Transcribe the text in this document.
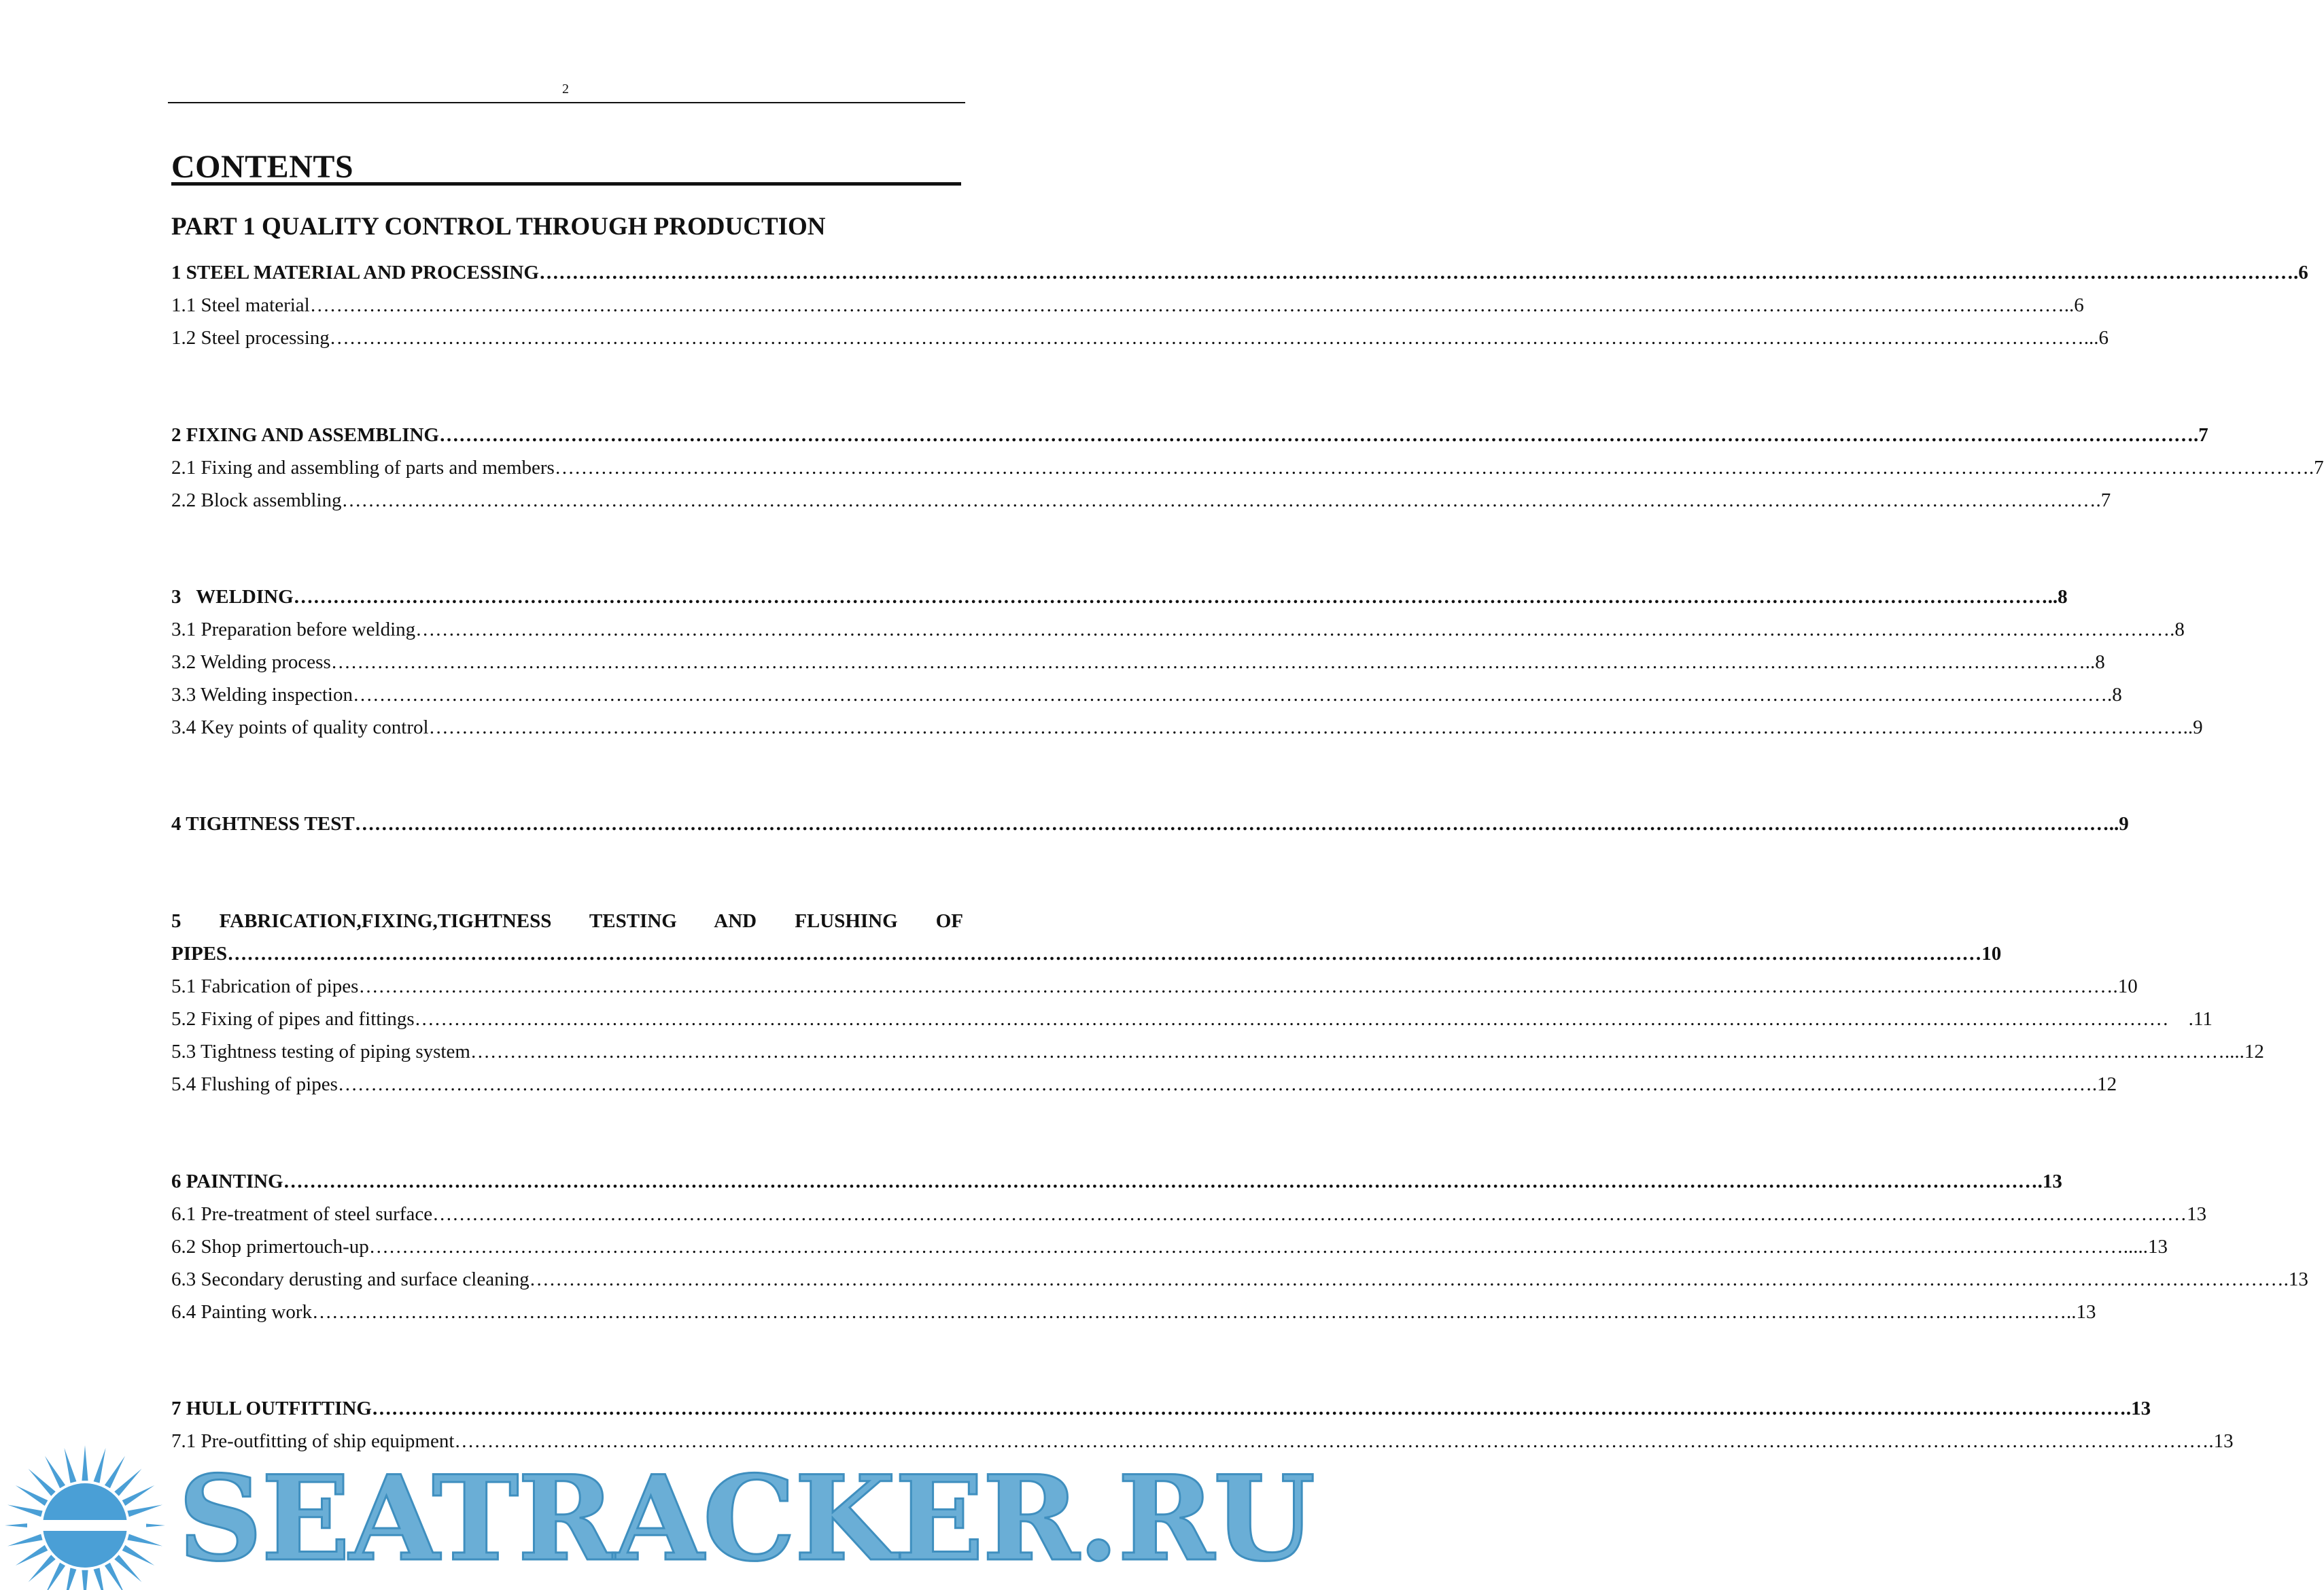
2
CONTENTS
PART 1 QUALITY CONTROL THROUGH PRODUCTION
1 STEEL MATERIAL AND PROCESSING ……………………………………………………………………………………………………………………………………………………………………………………………………………………………………………	.6
1.1 Steel material ……………………………………………………………………………………………………………………………………………………………………………………………………………………………………………	..6
1.2 Steel processing ……………………………………………………………………………………………………………………………………………………………………………………………………………………………………………	...6
2 FIXING AND ASSEMBLING ……………………………………………………………………………………………………………………………………………………………………………………………………………………………………………	.7
2.1 Fixing and assembling of parts and members ……………………………………………………………………………………………………………………………………………………………………………………………………………………………………………	.7
2.2 Block assembling ……………………………………………………………………………………………………………………………………………………………………………………………………………………………………………	.7
3   WELDING ……………………………………………………………………………………………………………………………………………………………………………………………………………………………………………	..8
3.1 Preparation before welding ……………………………………………………………………………………………………………………………………………………………………………………………………………………………………………	.8
3.2 Welding process ……………………………………………………………………………………………………………………………………………………………………………………………………………………………………………	..8
3.3 Welding inspection ……………………………………………………………………………………………………………………………………………………………………………………………………………………………………………	.8
3.4 Key points of quality control ……………………………………………………………………………………………………………………………………………………………………………………………………………………………………………	..9
4 TIGHTNESS TEST ……………………………………………………………………………………………………………………………………………………………………………………………………………………………………………	..9
5 FABRICATION,FIXING,TIGHTNESS TESTING AND FLUSHING OF
PIPES ……………………………………………………………………………………………………………………………………………………………………………………………………………………………………………	10
5.1 Fabrication of pipes ……………………………………………………………………………………………………………………………………………………………………………………………………………………………………………	.10
5.2 Fixing of pipes and fittings ……………………………………………………………………………………………………………………………………………………………………………………………………………………………………………	.11
5.3 Tightness testing of piping system ……………………………………………………………………………………………………………………………………………………………………………………………………………………………………………	....12
5.4 Flushing of pipes ……………………………………………………………………………………………………………………………………………………………………………………………………………………………………………	.12
6 PAINTING ……………………………………………………………………………………………………………………………………………………………………………………………………………………………………………	.13
6.1 Pre-treatment of steel surface ……………………………………………………………………………………………………………………………………………………………………………………………………………………………………………	13
6.2 Shop primertouch-up ……………………………………………………………………………………………………………………………………………………………………………………………………………………………………………	.....13
6.3 Secondary derusting and surface cleaning ……………………………………………………………………………………………………………………………………………………………………………………………………………………………………………	.13
6.4 Painting work ……………………………………………………………………………………………………………………………………………………………………………………………………………………………………………	..13
7 HULL OUTFITTING ……………………………………………………………………………………………………………………………………………………………………………………………………………………………………………	.13
7.1 Pre-outfitting of ship equipment ……………………………………………………………………………………………………………………………………………………………………………………………………………………………………………	.13
SEATRACKER.RU
